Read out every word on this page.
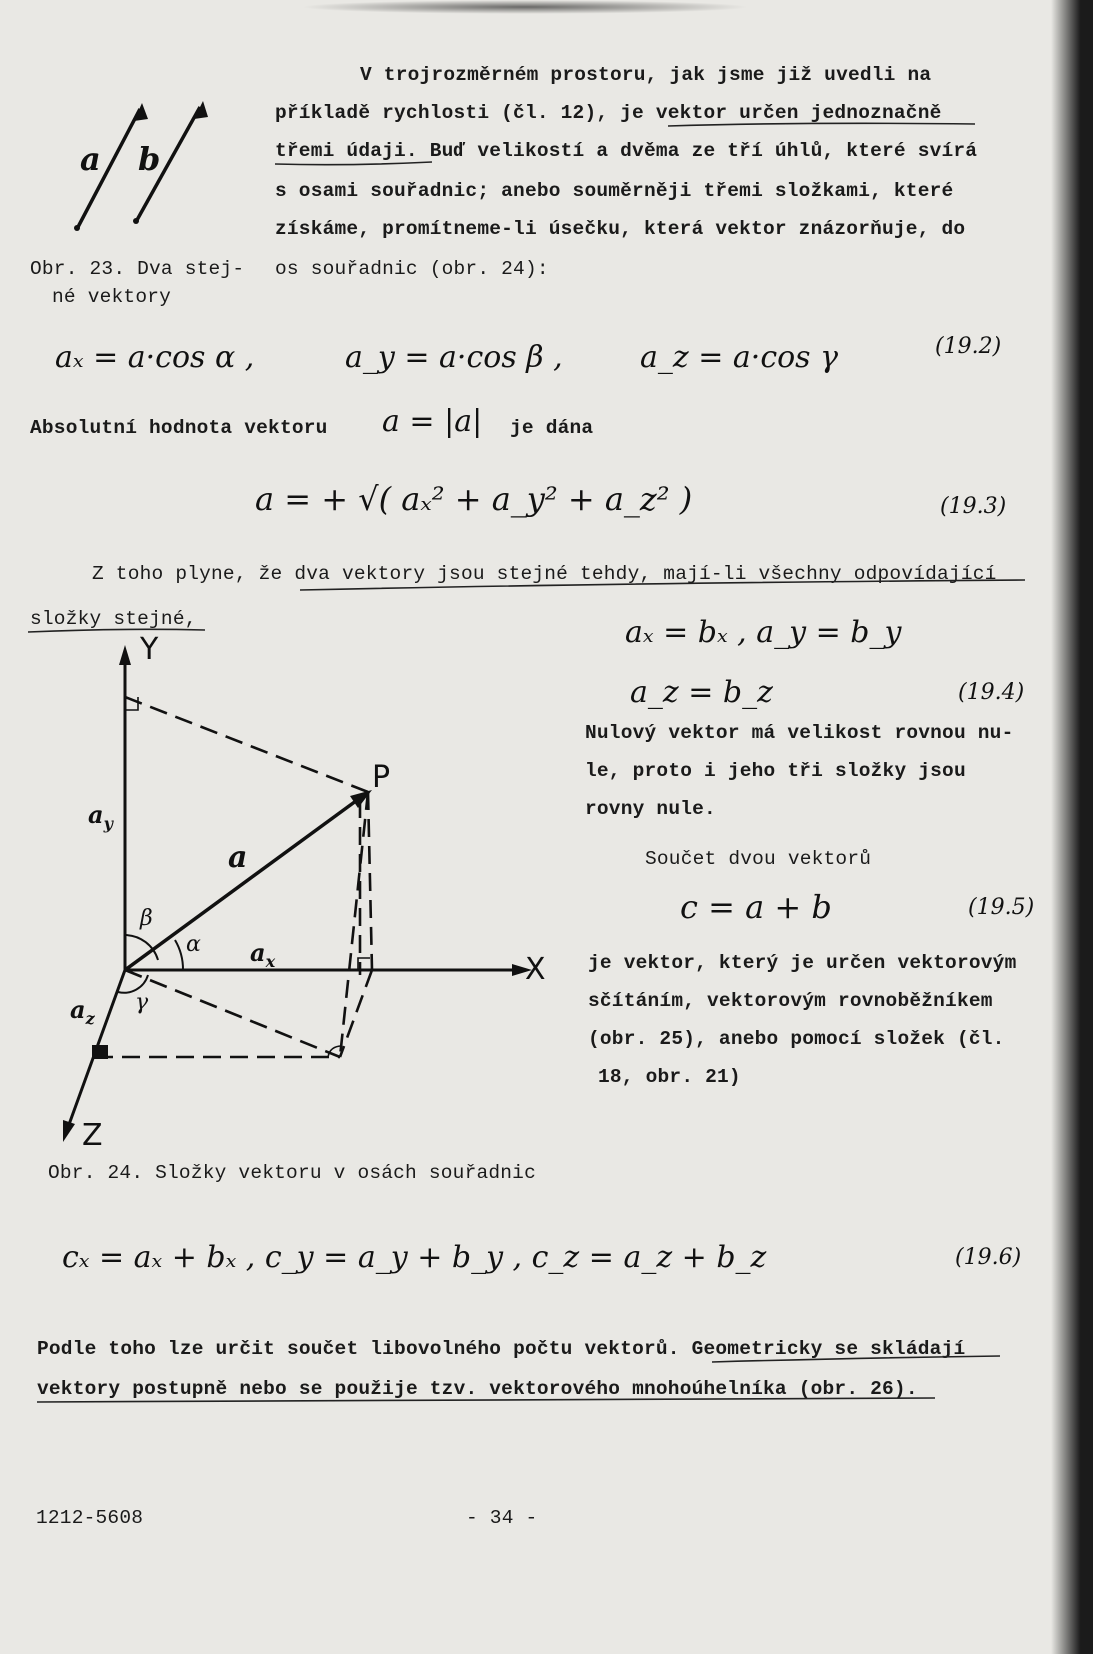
a b
Obr. 23. Dva stej-
né vektory
V trojrozměrném prostoru, jak jsme již uvedli na
příkladě rychlosti (čl. 12), je vektor určen jednoznačně
třemi údaji. Buď velikostí a dvěma ze tří úhlů, které svírá
s osami souřadnic; anebo souměrněji třemi složkami, které
získáme, promítneme-li úsečku, která vektor znázorňuje, do
os souřadnic (obr. 24):
aₓ = a·cos α ,	a_y = a·cos β ,	a_z = a·cos γ	(19.2)
Absolutní hodnota vektoru a = |a| je dána
a = + √( aₓ² + a_y² + a_z² )	(19.3)
Z toho plyne, že dva vektory jsou stejné tehdy, mají-li všechny odpovídající
složky stejné,	aₓ = bₓ , a_y = b_y
a_z = b_z	(19.4)
Nulový vektor má velikost rovnou nu-
le, proto i jeho tři složky jsou
rovny nule.
Součet dvou vektorů
c = a + b	(19.5)
je vektor, který je určen vektorovým
sčítáním, vektorovým rovnoběžníkem
(obr. 25), anebo pomocí složek (čl.
18, obr. 21)
Y
X
Z
P
a
$a_y$
$a_x$
$a_z$
α
β
γ
Obr. 24. Složky vektoru v osách souřadnic
cₓ = aₓ + bₓ , c_y = a_y + b_y , c_z = a_z + b_z	(19.6)
Podle toho lze určit součet libovolného počtu vektorů. Geometricky se skládají
vektory postupně nebo se použije tzv. vektorového mnohoúhelníka (obr. 26).
1212-5608	- 34 -
